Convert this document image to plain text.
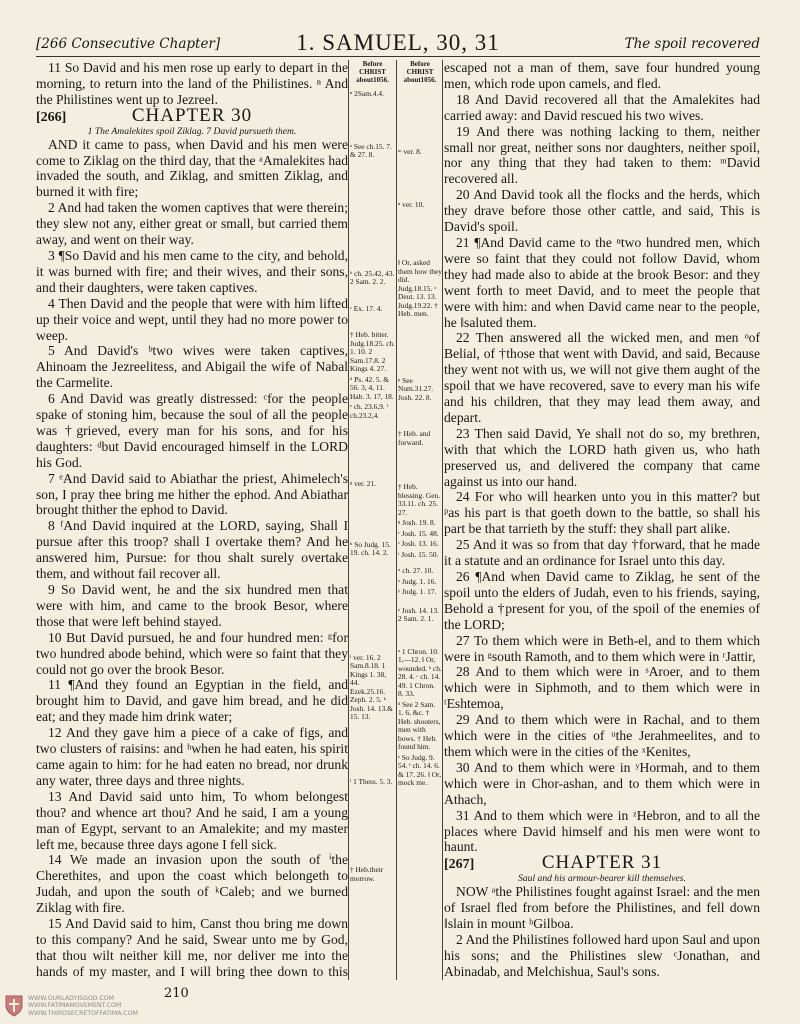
[266 Consecutive Chapter]	1. SAMUEL, 30, 31	The spoil recovered

11 So David and his men rose up early to depart in the morning, to return into the land of the Philistines. ⁿ And the Philistines went up to Jezreel.

[266]	CHAPTER 30
1 The Amalekites spoil Ziklag. 7 David pursueth them.

AND it came to pass, when David and his men were come to Ziklag on the third day, that the ᵃAmalekites had invaded the south, and Ziklag, and smitten Ziklag, and burned it with fire;

2 And had taken the women captives that were therein; they slew not any, either great or small, but carried them away, and went on their way.

3 ¶So David and his men came to the city, and behold, it was burned with fire; and their wives, and their sons, and their daughters, were taken captives.

4 Then David and the people that were with him lifted up their voice and wept, until they had no more power to weep.

5 And David's ᵇtwo wives were taken captives, Ahinoam the Jezreelitess, and Abigail the wife of Nabal the Carmelite.

6 And David was greatly distressed: ᶜfor the people spake of stoning him, because the soul of all the people was †grieved, every man for his sons, and for his daughters: ᵈbut David encouraged himself in the LORD his God.

7 ᵉAnd David said to Abiathar the priest, Ahimelech's son, I pray thee bring me hither the ephod. And Abiathar brought thither the ephod to David.

8 ᶠAnd David inquired at the LORD, saying, Shall I pursue after this troop? shall I overtake them? And he answered him, Pursue: for thou shalt surely overtake them, and without fail recover all.

9 So David went, he and the six hundred men that were with him, and came to the brook Besor, where those that were left behind stayed.

10 But David pursued, he and four hundred men: ᵍfor two hundred abode behind, which were so faint that they could not go over the brook Besor.

11 ¶And they found an Egyptian in the field, and brought him to David, and gave him bread, and he did eat; and they made him drink water;

12 And they gave him a piece of a cake of figs, and two clusters of raisins: and ʰwhen he had eaten, his spirit came again to him: for he had eaten no bread, nor drunk any water, three days and three nights.

13 And David said unto him, To whom belongest thou? and whence art thou? And he said, I am a young man of Egypt, servant to an Amalekite; and my master left me, because three days agone I fell sick.

14 We made an invasion upon the south of ⁱthe Cherethites, and upon the coast which belongeth to Judah, and upon the south of ᵏCaleb; and we burned Ziklag with fire.

15 And David said to him, Canst thou bring me down to this company? And he said, Swear unto me by God, that thou wilt neither kill me, nor deliver me into the hands of my master, and I will bring thee down to this

Before CHRIST about1056.
ⁿ 2Sam.4.4.
ᵃ See ch.15. 7. & 27. 8.
ᵇ ch. 25.42, 43. 2 Sam. 2. 2.
ᶜ Ex. 17. 4.
† Heb. bitter. Judg.18.25. ch. 1. 10. 2 Sam.17.8. 2 Kings 4. 27.
ᵈ Ps. 42. 5. & 56. 3, 4, 11. Hab. 3. 17, 18.
ᵉ ch. 23.6,9. ᶠ ch.23.2,4.
ᵍ ver. 21.
ʰ So Judg. 15. 19. ch. 14. 2.
ⁱ ver. 16. 2 Sam.8.18. 1 Kings 1. 38, 44. Ezek.25.16. Zeph. 2. 5. ᵏ Josh. 14. 13.& 15. 13.
ˡ 1 Thess. 5. 3.
† Heb.their morrow.
Before CHRIST about1056.
ᵐ ver. 8.
ⁿ ver. 10.
‖ Or, asked them how they did. Judg.18.15. ᵒ Deut. 13. 13. Judg.19.22. † Heb. men.
ᵖ See Num.31.27. Josh. 22. 8.
† Heb. and forward.
† Heb. blessing. Gen. 33.11. ch. 25. 27.
ᵍ Josh. 19. 8.
ʳ Josh. 15. 48.
ˢ Josh. 13. 16.
ᵗ Josh. 15. 50.
ᵘ ch. 27. 10.
ˣ Judg. 1. 16.
ʸ Judg. 1. 17.
ᶻ Josh. 14. 13. 2 Sam. 2. 1.
ᵃ 1 Chron. 10. 1,—12. ‖ Or, wounded. ᵇ ch. 28. 4. ᶜ ch. 14. 49. 1 Chron. 8. 33.
ᵈ See 2 Sam. 1. 6, &c. † Heb. shooters, men with bows. † Heb. found him.
ᵉ So Judg. 9. 54. ᶠ ch. 14. 6. & 17. 26. ‖ Or, mock me.

escaped not a man of them, save four hundred young men, which rode upon camels, and fled.

18 And David recovered all that the Amalekites had carried away: and David rescued his two wives.

19 And there was nothing lacking to them, neither small nor great, neither sons nor daughters, neither spoil, nor any thing that they had taken to them: ᵐDavid recovered all.

20 And David took all the flocks and the herds, which they drave before those other cattle, and said, This is David's spoil.

21 ¶And David came to the ⁿtwo hundred men, which were so faint that they could not follow David, whom they had made also to abide at the brook Besor: and they went forth to meet David, and to meet the people that were with him: and when David came near to the people, he ‖saluted them.

22 Then answered all the wicked men, and men ᵒof Belial, of †those that went with David, and said, Because they went not with us, we will not give them aught of the spoil that we have recovered, save to every man his wife and his children, that they may lead them away, and depart.

23 Then said David, Ye shall not do so, my brethren, with that which the LORD hath given us, who hath preserved us, and delivered the company that came against us into our hand.

24 For who will hearken unto you in this matter? but ᵖas his part is that goeth down to the battle, so shall his part be that tarrieth by the stuff: they shall part alike.

25 And it was so from that day †forward, that he made it a statute and an ordinance for Israel unto this day.

26 ¶And when David came to Ziklag, he sent of the spoil unto the elders of Judah, even to his friends, saying, Behold a †present for you, of the spoil of the enemies of the LORD;

27 To them which were in Beth-el, and to them which were in ᵍsouth Ramoth, and to them which were in ʳJattir,

28 And to them which were in ˢAroer, and to them which were in Siphmoth, and to them which were in ᵗEshtemoa,

29 And to them which were in Rachal, and to them which were in the cities of ᵘthe Jerahmeelites, and to them which were in the cities of the ˣKenites,

30 And to them which were in ʸHormah, and to them which were in Chor-ashan, and to them which were in Athach,

31 And to them which were in ᶻHebron, and to all the places where David himself and his men were wont to haunt.

[267]	CHAPTER 31
Saul and his armour-bearer kill themselves.

NOW ᵃthe Philistines fought against Israel: and the men of Israel fled from before the Philistines, and fell down ‖slain in mount ᵇGilboa.

2 And the Philistines followed hard upon Saul and upon his sons; and the Philistines slew ᶜJonathan, and Abinadab, and Melchishua, Saul's sons.

210
WWW.OURLADYISGOD.COM
WWW.FATIMAMOVEMENT.COM
WWW.THIRDSECRETOFFATIMA.COM
